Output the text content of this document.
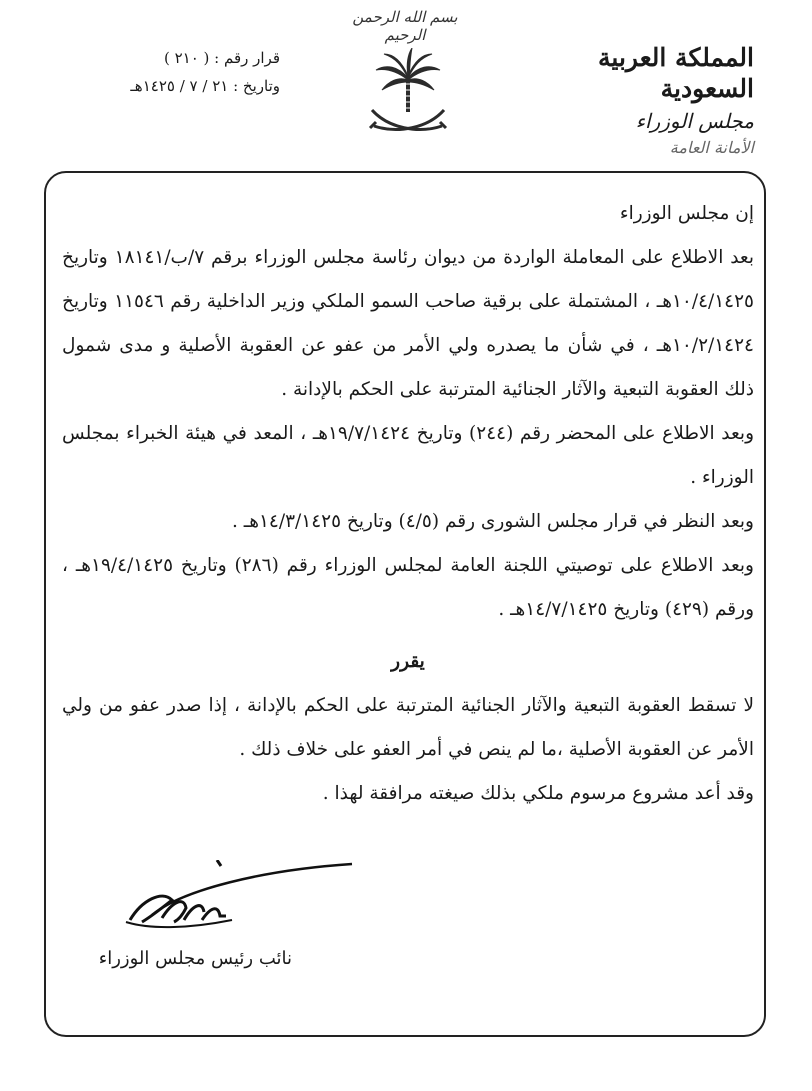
بسم الله الرحمن الرحيم
المملكة العربية السعودية
مجلس الوزراء
الأمانة العامة
قرار رقم : ( ٢١٠ )
وتاريخ : ٢١ / ٧ / ١٤٢٥هـ

إن مجلس الوزراء

بعد الاطلاع على المعاملة الواردة من ديوان رئاسة مجلس الوزراء برقم ٧/ب/١٨١٤١ وتاريخ ١٠/٤/١٤٢٥هـ ، المشتملة على برقية صاحب السمو الملكي وزير الداخلية رقم ١١٥٤٦ وتاريخ ١٠/٢/١٤٢٤هـ ، في شأن ما يصدره ولي الأمر من عفو عن العقوبة الأصلية و مدى شمول ذلك العقوبة التبعية والآثار الجنائية المترتبة على الحكم بالإدانة .

وبعد الاطلاع على المحضر رقم (٢٤٤) وتاريخ ١٩/٧/١٤٢٤هـ ، المعد في هيئة الخبراء بمجلس الوزراء .

وبعد النظر في قرار مجلس الشورى رقم (٤/٥) وتاريخ ١٤/٣/١٤٢٥هـ .

وبعد الاطلاع على توصيتي اللجنة العامة لمجلس الوزراء رقم (٢٨٦) وتاريخ ١٩/٤/١٤٢٥هـ ، ورقم (٤٢٩) وتاريخ ١٤/٧/١٤٢٥هـ .

يقرر

لا تسقط العقوبة التبعية والآثار الجنائية المترتبة على الحكم بالإدانة ، إذا صدر عفو من ولي الأمر عن العقوبة الأصلية ،ما لم ينص في أمر العفو على خلاف ذلك .

وقد أعد مشروع مرسوم ملكي بذلك صيغته مرافقة لهذا .

نائب رئيس مجلس الوزراء
